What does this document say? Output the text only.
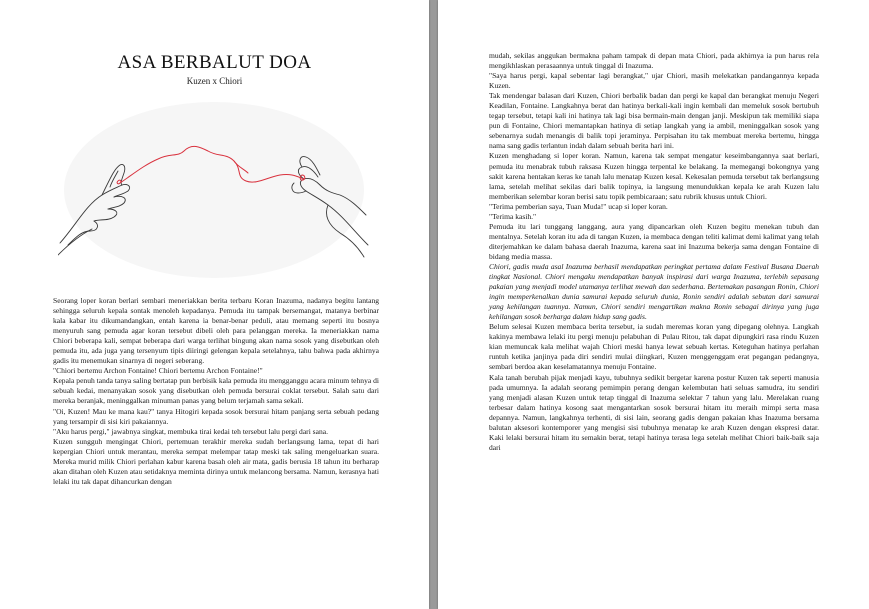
ASA BERBALUT DOA
Kuzen x Chiori

Seorang loper koran berlari sembari meneriakkan berita terbaru Koran Inazuma, nadanya begitu lantang sehingga seluruh kepala sontak menoleh kepadanya. Pemuda itu tampak bersemangat, matanya berbinar kala kabar itu dikumandangkan, entah karena ia benar-benar peduli, atau memang seperti itu bosnya menyuruh sang pemuda agar koran tersebut dibeli oleh para pelanggan mereka. Ia meneriakkan nama Chiori beberapa kali, sempat beberapa dari warga terlihat bingung akan nama sosok yang disebutkan oleh pemuda itu, ada juga yang tersenyum tipis diiringi gelengan kepala setelahnya, tahu bahwa pada akhirnya gadis itu menemukan sinarnya di negeri seberang.

"Chiori bertemu Archon Fontaine! Chiori bertemu Archon Fontaine!"

Kepala penuh tanda tanya saling bertatap pun berbisik kala pemuda itu mengganggu acara minum tehnya di sebuah kedai, menanyakan sosok yang disebutkan oleh pemuda bersurai coklat tersebut. Salah satu dari mereka beranjak, meninggalkan minuman panas yang belum terjamah sama sekali.

"Oi, Kuzen! Mau ke mana kau?" tanya Hitogiri kepada sosok bersurai hitam panjang serta sebuah pedang yang tersampir di sisi kiri pakaiannya.

"Aku harus pergi," jawabnya singkat, membuka tirai kedai teh tersebut lalu pergi dari sana.

Kuzen sungguh mengingat Chiori, pertemuan terakhir mereka sudah berlangsung lama, tepat di hari kepergian Chiori untuk merantau, mereka sempat melempar tatap meski tak saling mengeluarkan suara. Mereka murid milik Chiori perlahan kabur karena basah oleh air mata, gadis berusia 18 tahun itu berharap akan ditahan oleh Kuzen atau setidaknya meminta dirinya untuk melancong bersama. Namun, kerasnya hati lelaki itu tak dapat dihancurkan dengan

mudah, sekilas anggukan bermakna paham tampak di depan mata Chiori, pada akhirnya ia pun harus rela mengikhlaskan perasaannya untuk tinggal di Inazuma.

"Saya harus pergi, kapal sebentar lagi berangkat," ujar Chiori, masih melekatkan pandangannya kepada Kuzen.

Tak mendengar balasan dari Kuzen, Chiori berbalik badan dan pergi ke kapal dan berangkat menuju Negeri Keadilan, Fontaine. Langkahnya berat dan hatinya berkali-kali ingin kembali dan memeluk sosok bertubuh tegap tersebut, tetapi kali ini hatinya tak lagi bisa bermain-main dengan janji. Meskipun tak memiliki siapa pun di Fontaine, Chiori memantapkan hatinya di setiap langkah yang ia ambil, meninggalkan sosok yang sebenarnya sudah menangis di balik topi jeraminya. Perpisahan itu tak membuat mereka bertemu, hingga nama sang gadis terlantun indah dalam sebuah berita hari ini.

Kuzen menghadang si loper koran. Namun, karena tak sempat mengatur keseimbangannya saat berlari, pemuda itu menabrak tubuh raksasa Kuzen hingga terpental ke belakang. Ia memegangi bokongnya yang sakit karena hentakan keras ke tanah lalu menatap Kuzen kesal. Kekesalan pemuda tersebut tak berlangsung lama, setelah melihat sekilas dari balik topinya, ia langsung menundukkan kepala ke arah Kuzen lalu memberikan selembar koran berisi satu topik pembicaraan; satu rubrik khusus untuk Chiori.

"Terima pemberian saya, Tuan Muda!" ucap si loper koran.

"Terima kasih."

Pemuda itu lari tunggang langgang, aura yang dipancarkan oleh Kuzen begitu menekan tubuh dan mentalnya. Setelah koran itu ada di tangan Kuzen, ia membaca dengan teliti kalimat demi kalimat yang telah diterjemahkan ke dalam bahasa daerah Inazuma, karena saat ini Inazuma bekerja sama dengan Fontaine di bidang media massa.

Chiori, gadis muda asal Inazuma berhasil mendapatkan peringkat pertama dalam Festival Busana Daerah tingkat Nasional. Chiori mengaku mendapatkan banyak inspirasi dari warga Inazuma, terlebih sepasang pakaian yang menjadi model utamanya terlihat mewah dan sederhana. Bertemakan pasangan Ronin, Chiori ingin memperkenalkan dunia samurai kepada seluruh dunia, Ronin sendiri adalah sebutan dari samurai yang kehilangan tuannya. Namun, Chiori sendiri mengartikan makna Ronin sebagai dirinya yang juga kehilangan sosok berharga dalam hidup sang gadis.

Belum selesai Kuzen membaca berita tersebut, ia sudah meremas koran yang dipegang olehnya. Langkah kakinya membawa lelaki itu pergi menuju pelabuhan di Pulau Ritou, tak dapat dipungkiri rasa rindu Kuzen kian memuncak kala melihat wajah Chiori meski hanya lewat sebuah kertas. Keteguhan hatinya perlahan runtuh ketika janjinya pada diri sendiri mulai diingkari, Kuzen menggenggam erat pegangan pedangnya, sembari berdoa akan keselamatannya menuju Fontaine.

Kala tanah berubah pijak menjadi kayu, tubuhnya sedikit bergetar karena postur Kuzen tak seperti manusia pada umumnya. Ia adalah seorang pemimpin perang dengan kelembutan hati seluas samudra, itu sendiri yang menjadi alasan Kuzen untuk tetap tinggal di Inazuma selektar 7 tahun yang lalu. Merelakan ruang terbesar dalam hatinya kosong saat mengantarkan sosok bersurai hitam itu meraih mimpi serta masa depannya. Namun, langkahnya terhenti, di sisi lain, seorang gadis dengan pakaian khas Inazuma bersama balutan aksesori kontemporer yang mengisi sisi tubuhnya menatap ke arah Kuzen dengan ekspresi datar. Kaki lelaki bersurai hitam itu semakin berat, tetapi hatinya terasa lega setelah melihat Chiori baik-baik saja dari
